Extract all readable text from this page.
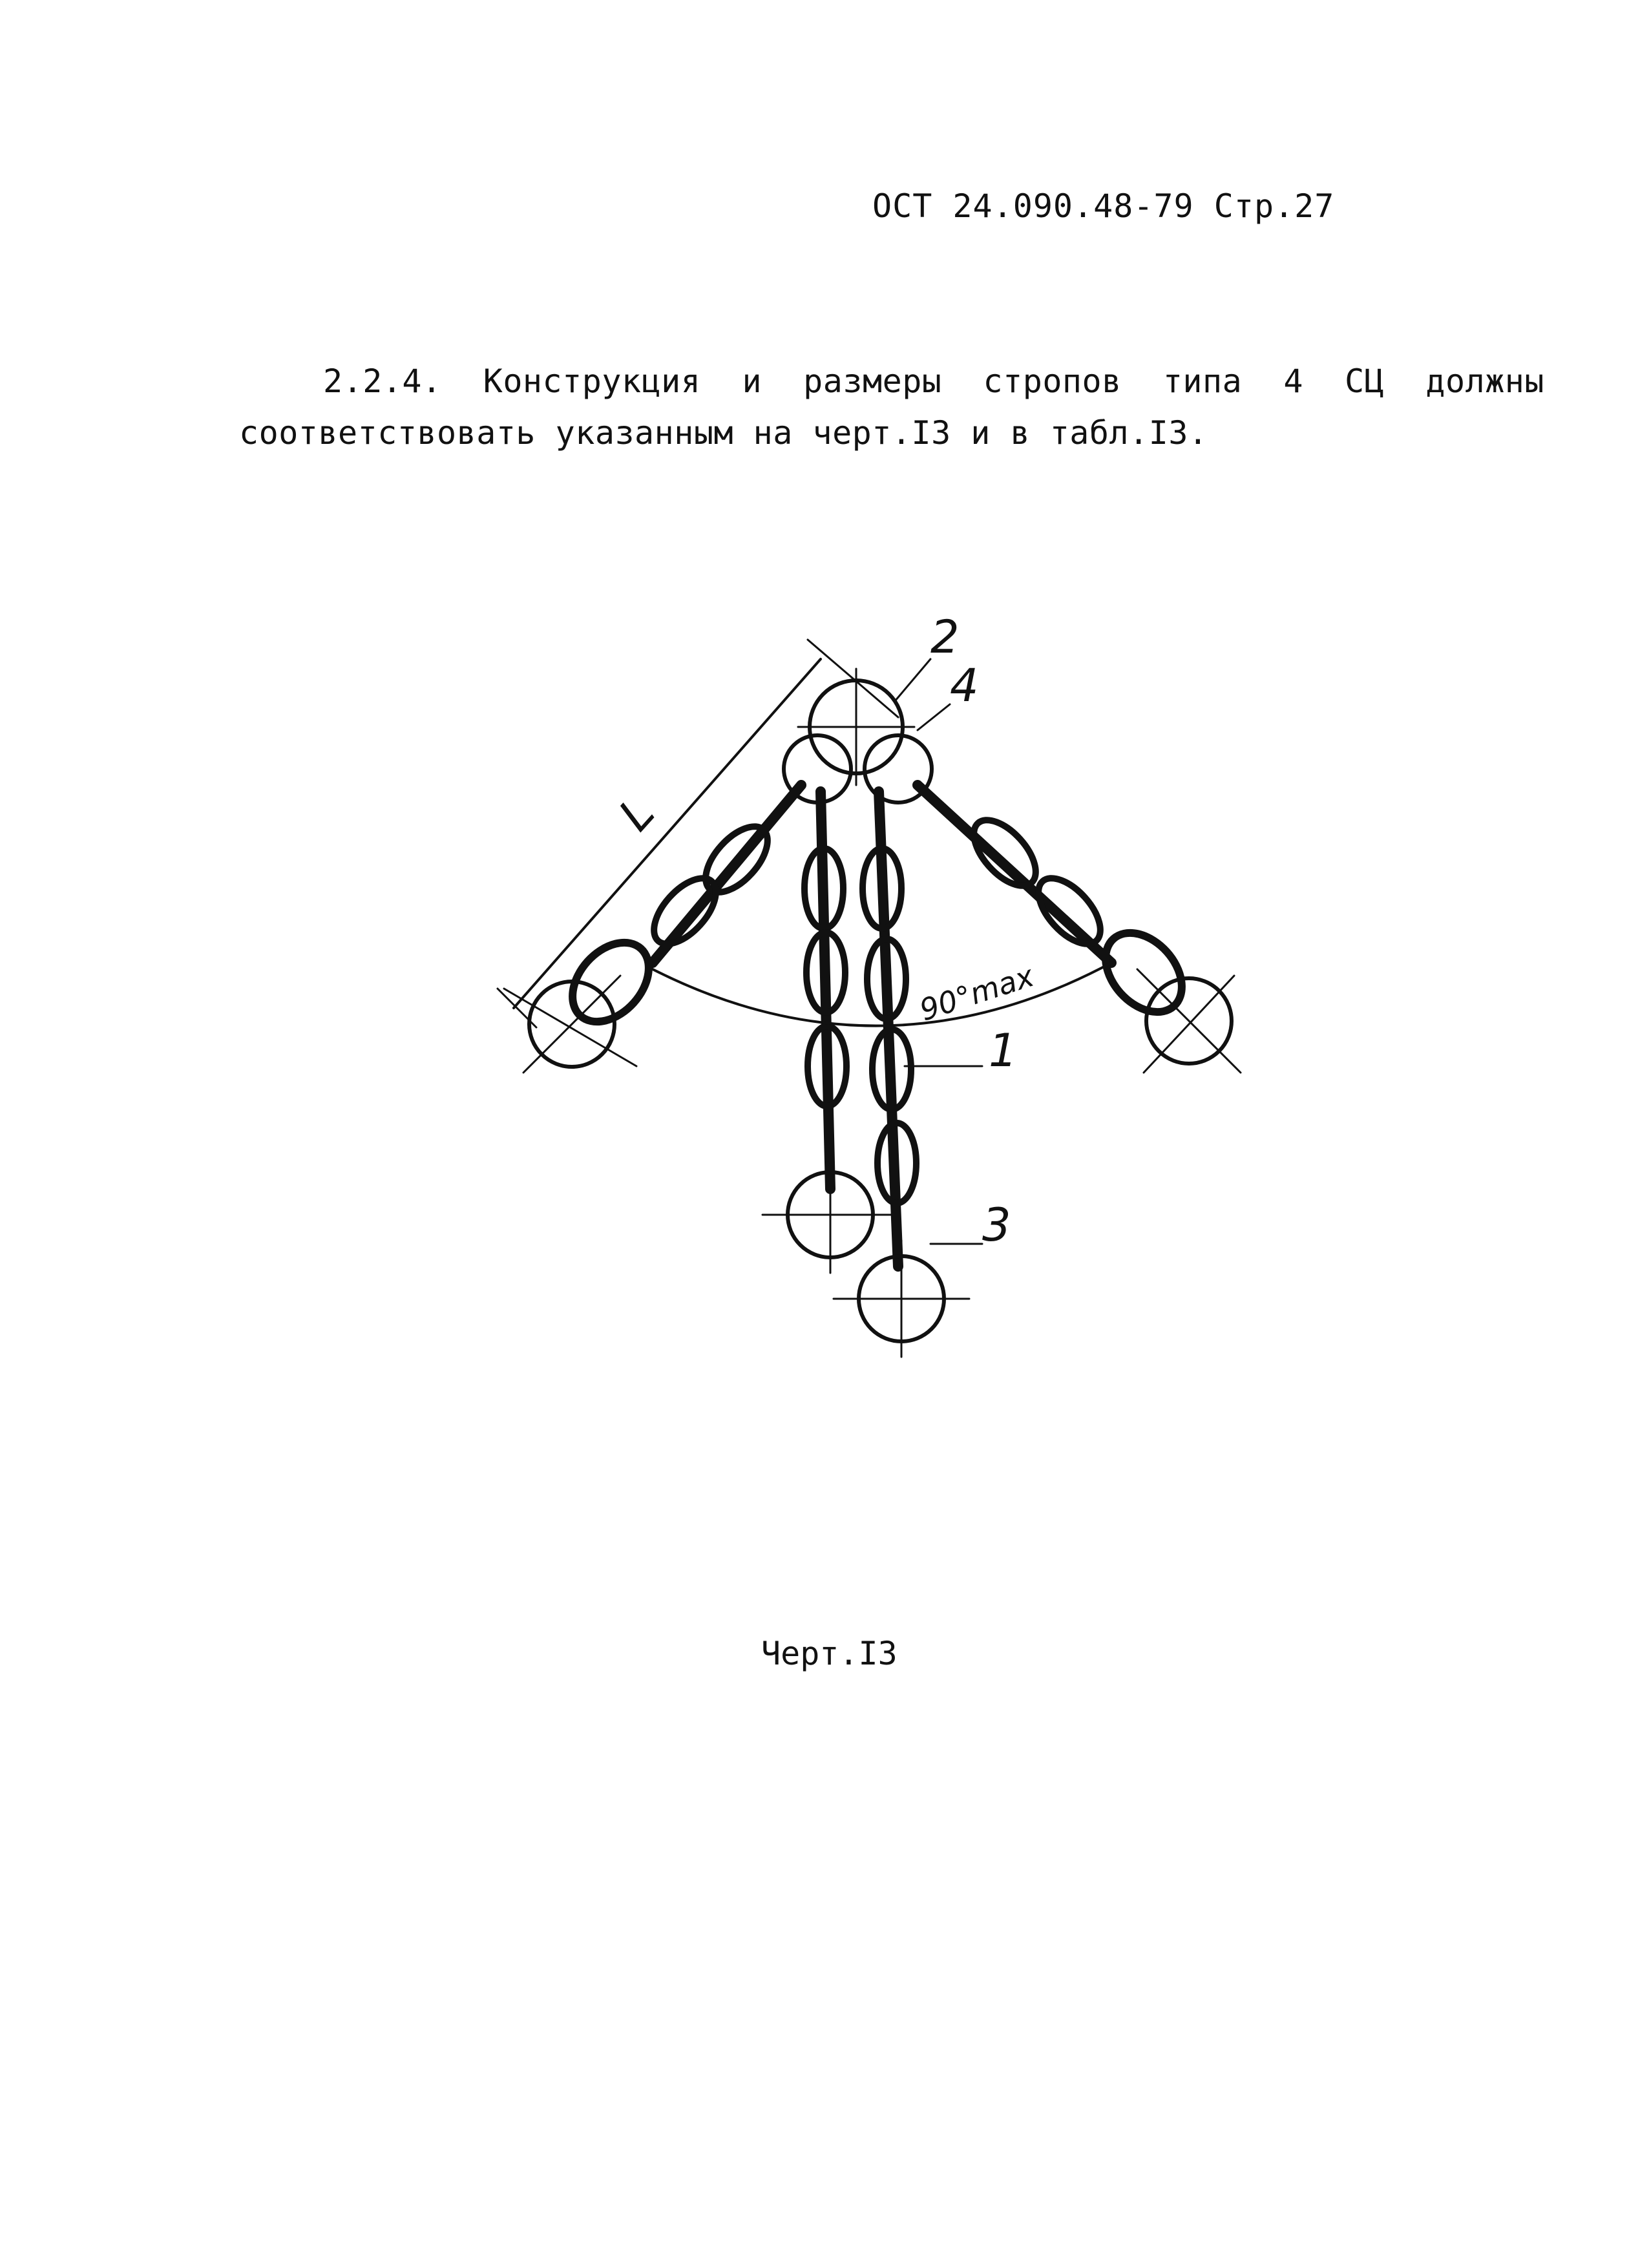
ОСТ 24.090.48-79 Стр.27
2.2.4. Конструкция и размеры стропов типа 4 СЦ должны соответствовать указанным на черт.I3 и в табл.I3.
2
4
1
3
L
90°max
Черт.I3
